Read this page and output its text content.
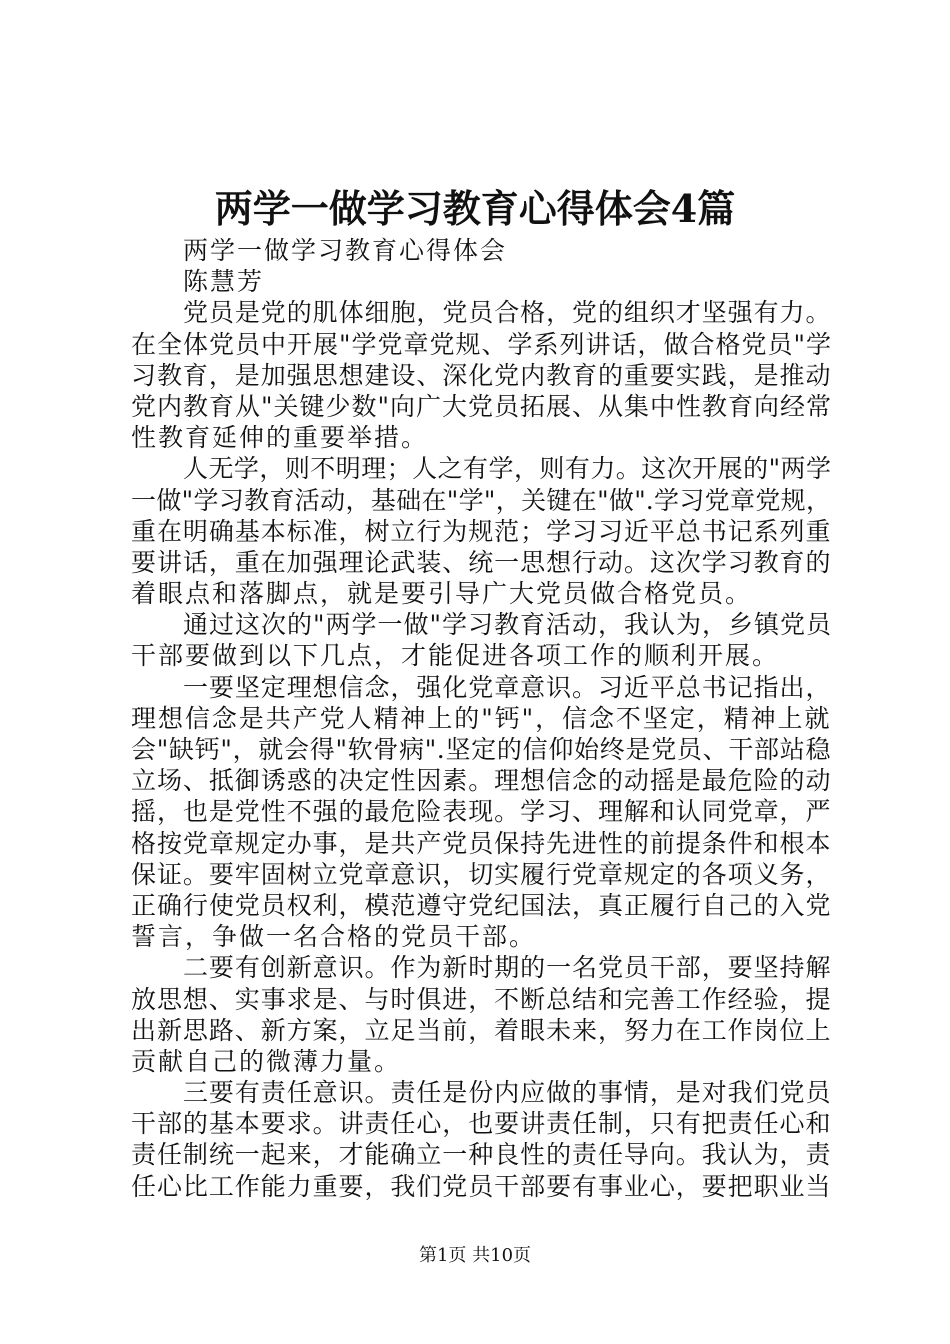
两学一做学习教育心得体会4篇
两学一做学习教育心得体会
陈慧芳
党员是党的肌体细胞，党员合格，党的组织才坚强有力。
在全体党员中开展"学党章党规、学系列讲话，做合格党员"学
习教育，是加强思想建设、深化党内教育的重要实践，是推动
党内教育从"关键少数"向广大党员拓展、从集中性教育向经常
性教育延伸的重要举措。
人无学，则不明理；人之有学，则有力。这次开展的"两学
一做"学习教育活动，基础在"学"，关键在"做".学习党章党规，
重在明确基本标准，树立行为规范；学习习近平总书记系列重
要讲话，重在加强理论武装、统一思想行动。这次学习教育的
着眼点和落脚点，就是要引导广大党员做合格党员。
通过这次的"两学一做"学习教育活动，我认为，乡镇党员
干部要做到以下几点，才能促进各项工作的顺利开展。
一要坚定理想信念，强化党章意识。习近平总书记指出，
理想信念是共产党人精神上的"钙"，信念不坚定，精神上就
会"缺钙"，就会得"软骨病".坚定的信仰始终是党员、干部站稳
立场、抵御诱惑的决定性因素。理想信念的动摇是最危险的动
摇，也是党性不强的最危险表现。学习、理解和认同党章，严
格按党章规定办事，是共产党员保持先进性的前提条件和根本
保证。要牢固树立党章意识，切实履行党章规定的各项义务，
正确行使党员权利，模范遵守党纪国法，真正履行自己的入党
誓言，争做一名合格的党员干部。
二要有创新意识。作为新时期的一名党员干部，要坚持解
放思想、实事求是、与时俱进，不断总结和完善工作经验，提
出新思路、新方案，立足当前，着眼未来，努力在工作岗位上
贡献自己的微薄力量。
三要有责任意识。责任是份内应做的事情，是对我们党员
干部的基本要求。讲责任心，也要讲责任制，只有把责任心和
责任制统一起来，才能确立一种良性的责任导向。我认为，责
任心比工作能力重要，我们党员干部要有事业心，要把职业当
第1页 共10页
